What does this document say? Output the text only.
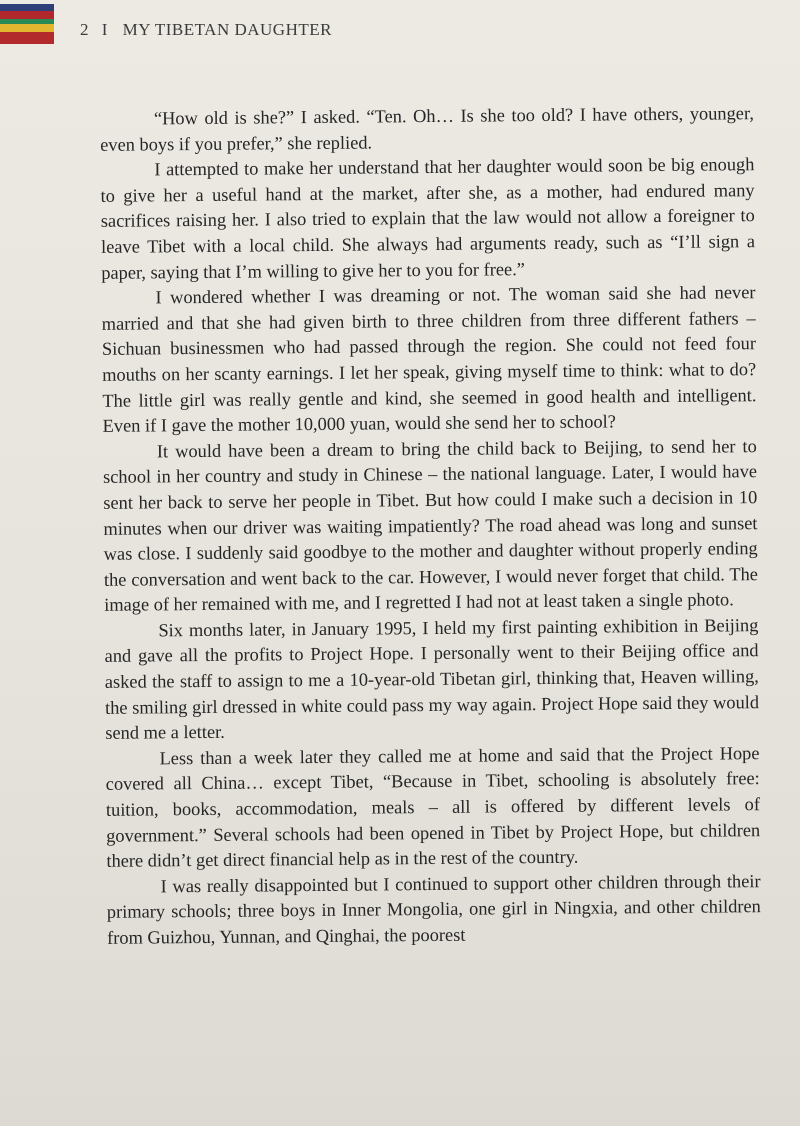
2 I MY TIBETAN DAUGHTER

“How old is she?” I asked. “Ten. Oh… Is she too old? I have others, younger, even boys if you prefer,” she replied.

I attempted to make her understand that her daughter would soon be big enough to give her a useful hand at the market, after she, as a mother, had endured many sacrifices raising her. I also tried to explain that the law would not allow a foreigner to leave Tibet with a local child. She always had arguments ready, such as “I’ll sign a paper, saying that I’m willing to give her to you for free.”

I wondered whether I was dreaming or not. The woman said she had never married and that she had given birth to three children from three different fathers – Sichuan businessmen who had passed through the region. She could not feed four mouths on her scanty earnings. I let her speak, giving myself time to think: what to do? The little girl was really gentle and kind, she seemed in good health and intelligent. Even if I gave the mother 10,000 yuan, would she send her to school?

It would have been a dream to bring the child back to Beijing, to send her to school in her country and study in Chinese – the national language. Later, I would have sent her back to serve her people in Tibet. But how could I make such a decision in 10 minutes when our driver was waiting impatiently? The road ahead was long and sunset was close. I suddenly said goodbye to the mother and daughter without properly ending the conversation and went back to the car. However, I would never forget that child. The image of her remained with me, and I regretted I had not at least taken a single photo.

Six months later, in January 1995, I held my first painting exhibition in Beijing and gave all the profits to Project Hope. I personally went to their Beijing office and asked the staff to assign to me a 10-year-old Tibetan girl, thinking that, Heaven willing, the smiling girl dressed in white could pass my way again. Project Hope said they would send me a letter.

Less than a week later they called me at home and said that the Project Hope covered all China… except Tibet, “Because in Tibet, schooling is absolutely free: tuition, books, accommodation, meals – all is offered by different levels of government.” Several schools had been opened in Tibet by Project Hope, but children there didn’t get direct financial help as in the rest of the country.

I was really disappointed but I continued to support other children through their primary schools; three boys in Inner Mongolia, one girl in Ningxia, and other children from Guizhou, Yunnan, and Qinghai, the poorest
